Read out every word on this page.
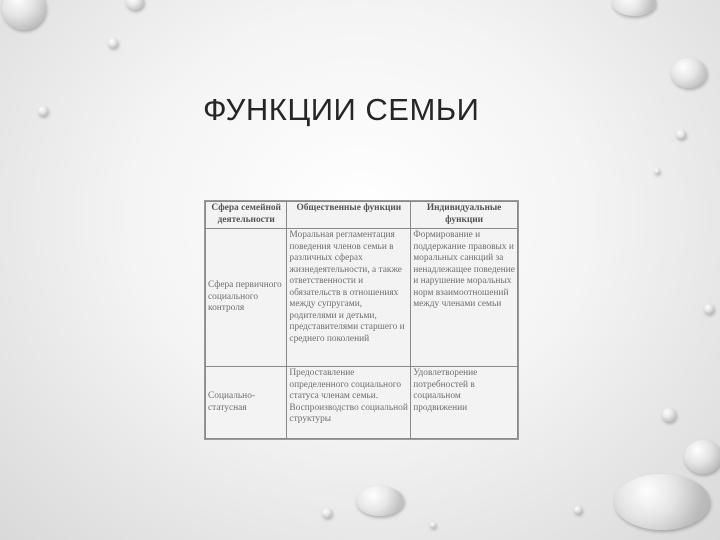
ФУНКЦИИ СЕМЬИ
Сфера семейной деятельности	Общественные функции	Индивидуальные функции
Сфера первичного социального контроля	Моральная регламентация поведения членов семьи в различных сферах жизнедеятельности, а также ответственности и обязательств в отношениях между супругами, родителями и детьми, представителями старшего и среднего поколений	Формирование и поддержание правовых и моральных санкций за ненадлежащее поведение и нарушение моральных норм взаимоотношений между членами семьи
Социально-статусная	Предоставление определенного социального статуса членам семьи. Воспроизводство социальной структуры	Удовлетворение потребностей в социальном продвижении
